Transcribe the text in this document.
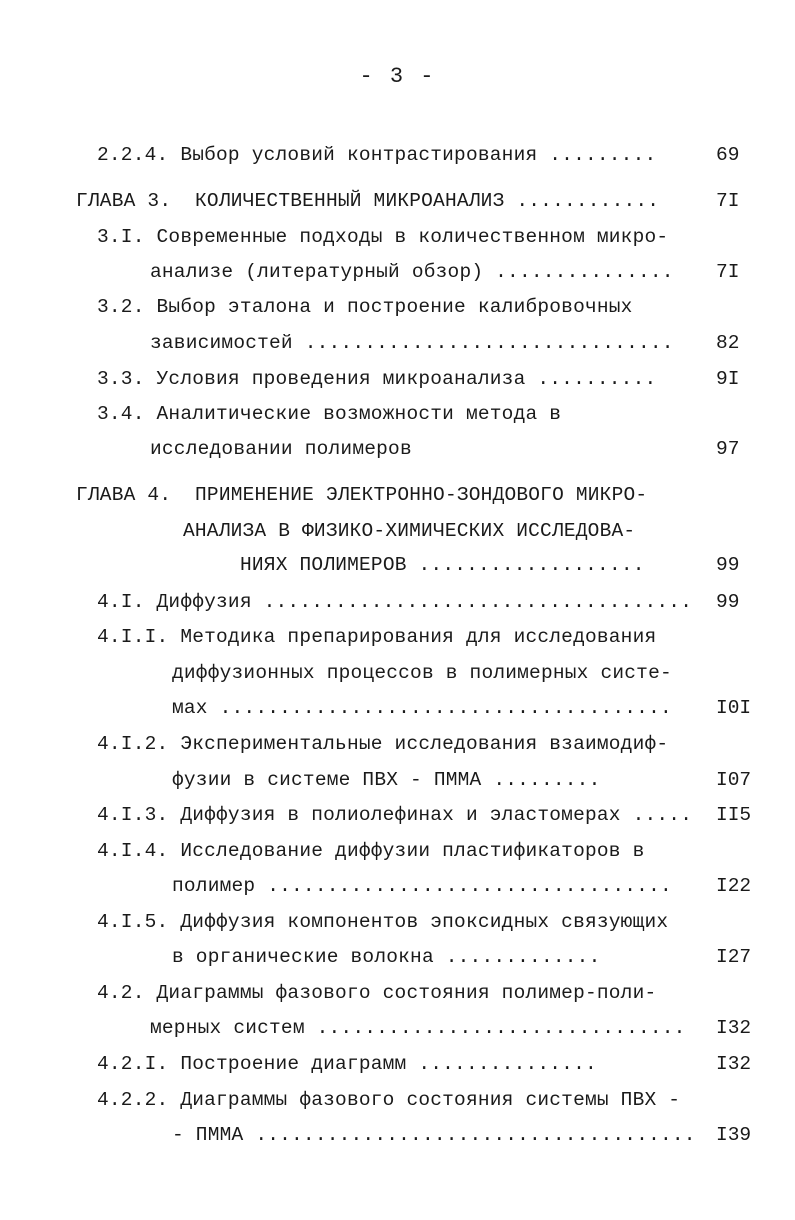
- 3 -
2.2.4. Выбор условий контрастирования .........	69
ГЛАВА 3.  КОЛИЧЕСТВЕННЫЙ МИКРОАНАЛИЗ ............	7I
3.I. Современные подходы в количественном микро-
анализе (литературный обзор) ............... 7I
3.2. Выбор эталона и построение калибровочных
зависимостей ............................... 82
3.3. Условия проведения микроанализа ..........	9I
3.4. Аналитические возможности метода в
исследовании полимеров	97
ГЛАВА 4.  ПРИМЕНЕНИЕ ЭЛЕКТРОННО-ЗОНДОВОГО МИКРО-
АНАЛИЗА В ФИЗИКО-ХИМИЧЕСКИХ ИССЛЕДОВА-
НИЯХ ПОЛИМЕРОВ ...................	99
4.I. Диффузия .................................... 99
4.I.I. Методика препарирования для исследования
диффузионных процессов в полимерных систе-
мах ...................................... I0I
4.I.2. Экспериментальные исследования взаимодиф-
фузии в системе ПВХ - ПММА .........	I07
4.I.3. Диффузия в полиолефинах и эластомерах ..... II5
4.I.4. Исследование диффузии пластификаторов в
полимер .................................. I22
4.I.5. Диффузия компонентов эпоксидных связующих
в органические волокна .............	I27
4.2. Диаграммы фазового состояния полимер-поли-
мерных систем ............................... I32
4.2.I. Построение диаграмм ...............	I32
4.2.2. Диаграммы фазового состояния системы ПВХ -
- ПММА ..................................... I39
